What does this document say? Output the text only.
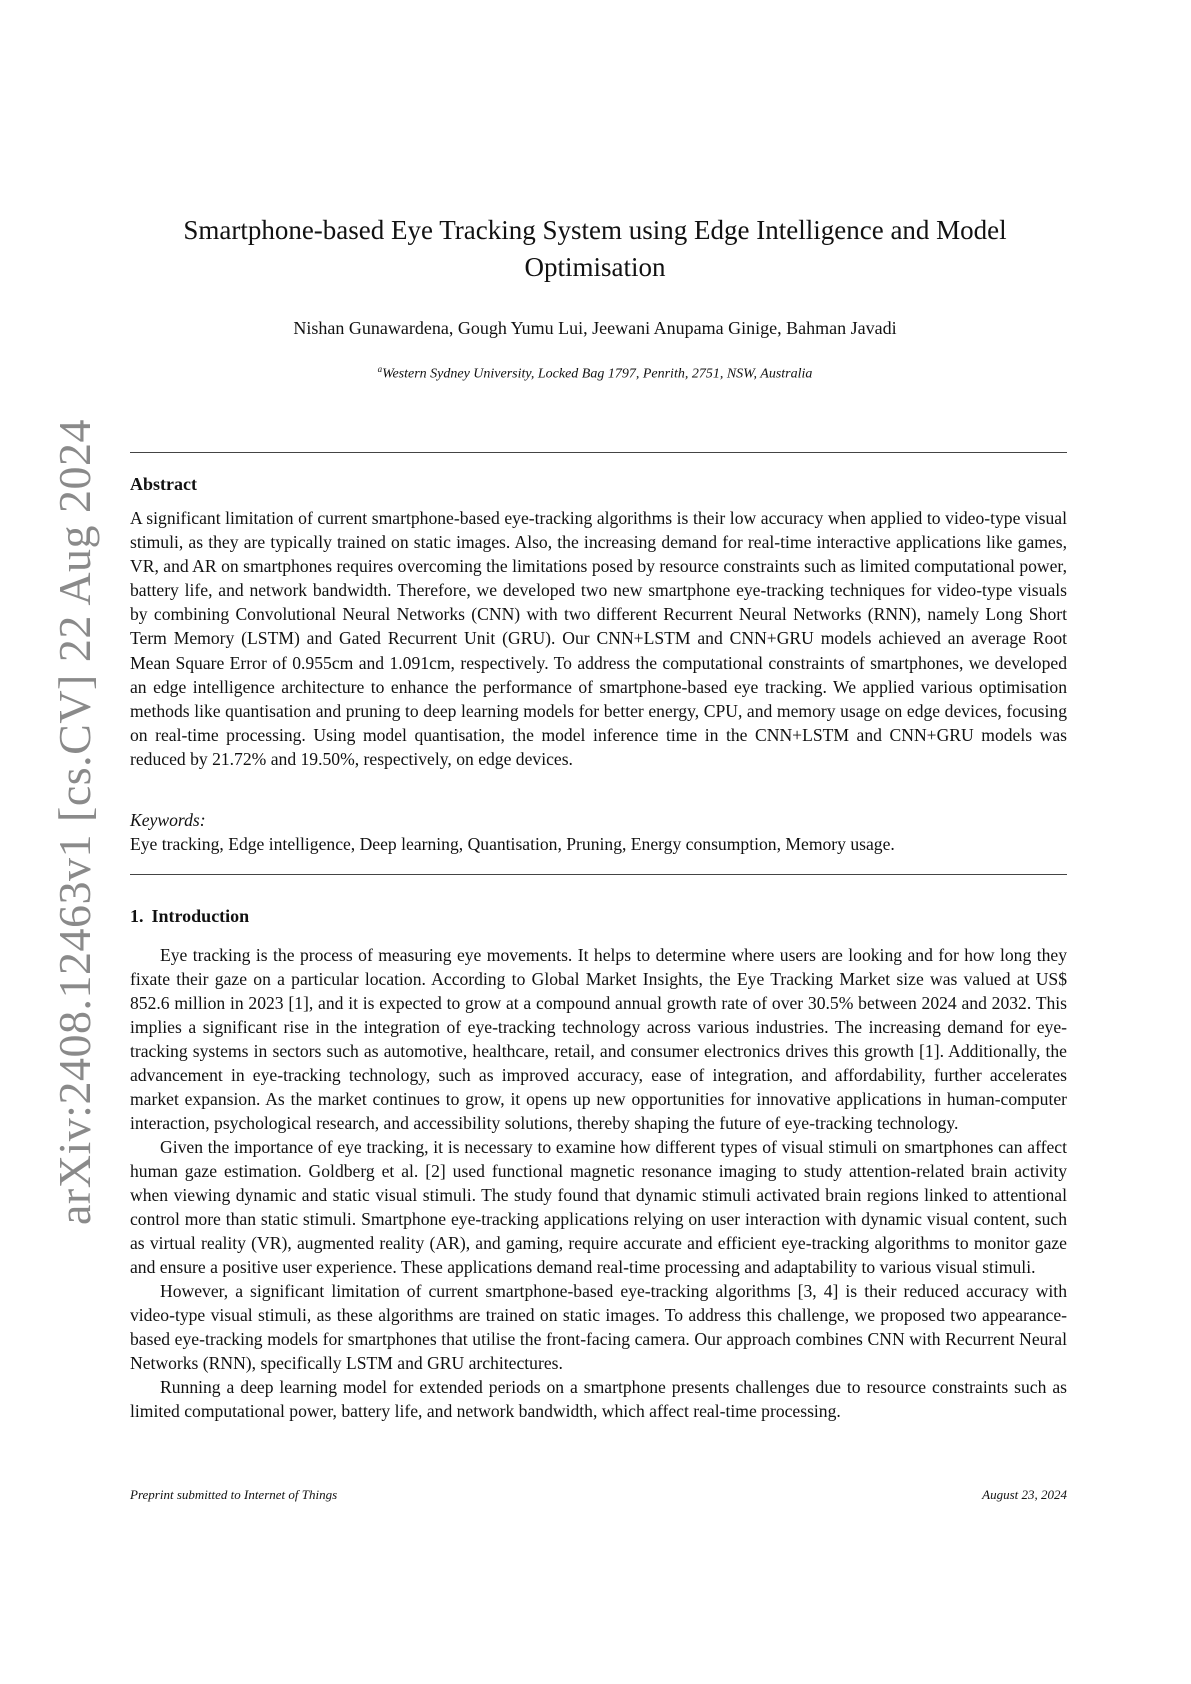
arXiv:2408.12463v1 [cs.CV] 22 Aug 2024
Smartphone-based Eye Tracking System using Edge Intelligence and Model Optimisation
Nishan Gunawardena, Gough Yumu Lui, Jeewani Anupama Ginige, Bahman Javadi
$^a$Western Sydney University, Locked Bag 1797, Penrith, 2751, NSW, Australia
Abstract
A significant limitation of current smartphone-based eye-tracking algorithms is their low accuracy when applied to video-type visual stimuli, as they are typically trained on static images. Also, the increasing demand for real-time interactive applications like games, VR, and AR on smartphones requires overcoming the limitations posed by resource constraints such as limited computational power, battery life, and network bandwidth. Therefore, we developed two new smartphone eye-tracking techniques for video-type visuals by combining Convolutional Neural Networks (CNN) with two different Recurrent Neural Networks (RNN), namely Long Short Term Memory (LSTM) and Gated Recurrent Unit (GRU). Our CNN+LSTM and CNN+GRU models achieved an average Root Mean Square Error of 0.955cm and 1.091cm, respectively. To address the computational constraints of smartphones, we developed an edge intelligence architecture to enhance the performance of smartphone-based eye tracking. We applied various optimisation methods like quantisation and pruning to deep learning models for better energy, CPU, and memory usage on edge devices, focusing on real-time processing. Using model quantisation, the model inference time in the CNN+LSTM and CNN+GRU models was reduced by 21.72% and 19.50%, respectively, on edge devices.
Keywords:
Eye tracking, Edge intelligence, Deep learning, Quantisation, Pruning, Energy consumption, Memory usage.
1. Introduction

Eye tracking is the process of measuring eye movements. It helps to determine where users are looking and for how long they fixate their gaze on a particular location. According to Global Market Insights, the Eye Tracking Market size was valued at US$ 852.6 million in 2023 [1], and it is expected to grow at a compound annual growth rate of over 30.5% between 2024 and 2032. This implies a significant rise in the integration of eye-tracking technology across various industries. The increasing demand for eye-tracking systems in sectors such as automotive, healthcare, retail, and consumer electronics drives this growth [1]. Additionally, the advancement in eye-tracking technology, such as improved accuracy, ease of integration, and affordability, further accelerates market expansion. As the market continues to grow, it opens up new opportunities for innovative applications in human-computer interaction, psychological research, and accessibility solutions, thereby shaping the future of eye-tracking technology.

Given the importance of eye tracking, it is necessary to examine how different types of visual stimuli on smartphones can affect human gaze estimation. Goldberg et al. [2] used functional magnetic resonance imaging to study attention-related brain activity when viewing dynamic and static visual stimuli. The study found that dynamic stimuli activated brain regions linked to attentional control more than static stimuli. Smartphone eye-tracking applications relying on user interaction with dynamic visual content, such as virtual reality (VR), augmented reality (AR), and gaming, require accurate and efficient eye-tracking algorithms to monitor gaze and ensure a positive user experience. These applications demand real-time processing and adaptability to various visual stimuli.

However, a significant limitation of current smartphone-based eye-tracking algorithms [3, 4] is their reduced accuracy with video-type visual stimuli, as these algorithms are trained on static images. To address this challenge, we proposed two appearance-based eye-tracking models for smartphones that utilise the front-facing camera. Our approach combines CNN with Recurrent Neural Networks (RNN), specifically LSTM and GRU architectures.

Running a deep learning model for extended periods on a smartphone presents challenges due to resource constraints such as limited computational power, battery life, and network bandwidth, which affect real-time processing.

Preprint submitted to Internet of Things	August 23, 2024
